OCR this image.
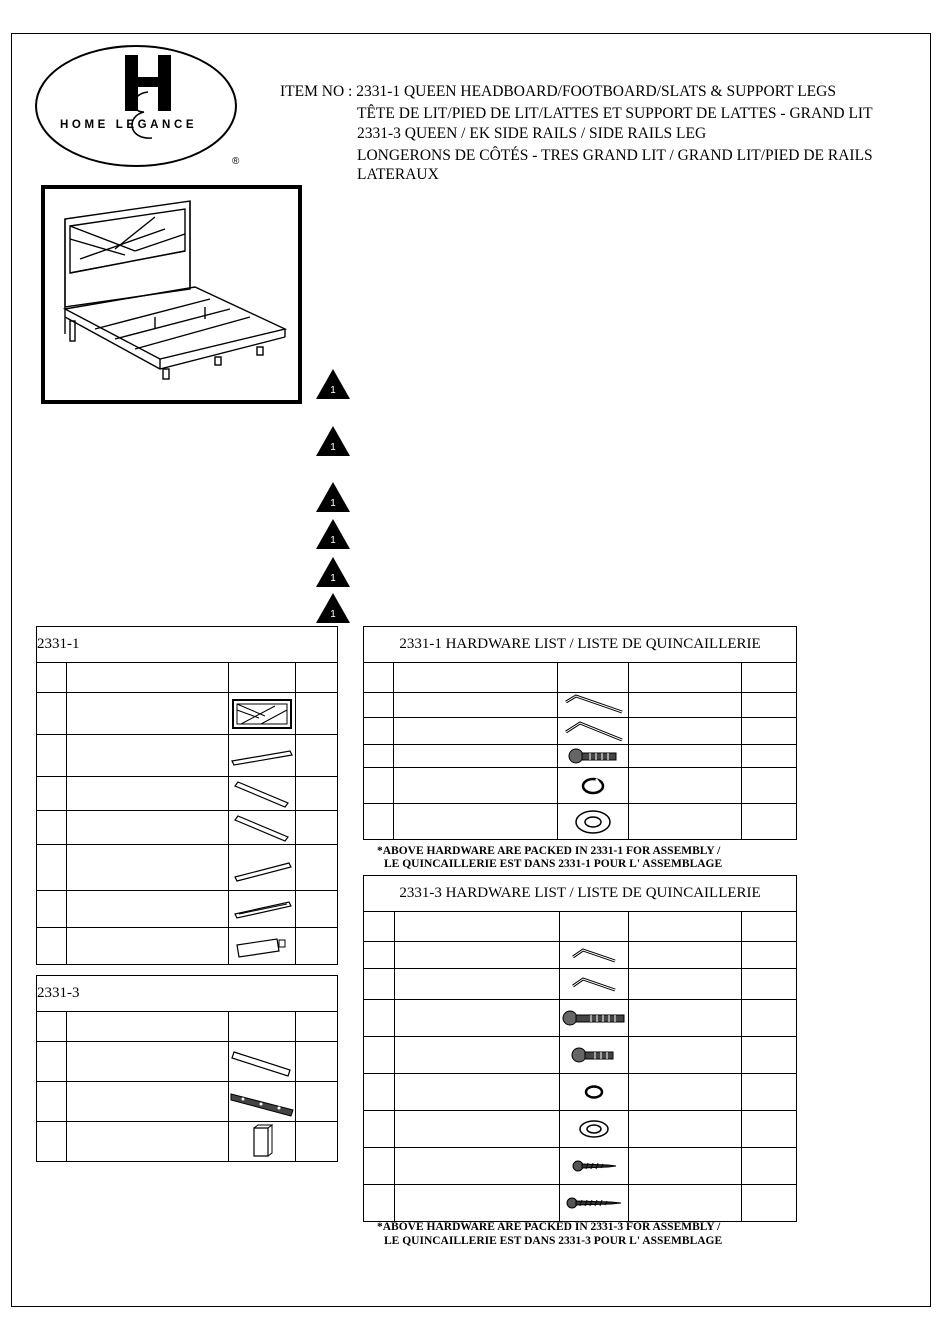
HOME LEGANCE
®
ITEM NO : 2331-1 QUEEN HEADBOARD/FOOTBOARD/SLATS & SUPPORT LEGS
TÊTE DE LIT/PIED DE LIT/LATTES ET SUPPORT DE LATTES - GRAND LIT
2331-3 QUEEN / EK SIDE RAILS / SIDE RAILS LEG
LONGERONS DE CÔTÉS - TRES GRAND LIT / GRAND LIT/PIED DE RAILS
LATERAUX
1
1
1
1
1
1
2331-1			

2331-3			

2331-1 HARDWARE LIST / LISTE DE QUINCAILLERIE				

*ABOVE HARDWARE ARE PACKED IN 2331-1 FOR ASSEMBLY /
LE QUINCAILLERIE EST DANS 2331-1 POUR L' ASSEMBLAGE
2331-3 HARDWARE LIST / LISTE DE QUINCAILLERIE				

*ABOVE HARDWARE ARE PACKED IN 2331-3 FOR ASSEMBLY /
LE QUINCAILLERIE EST DANS 2331-3 POUR L' ASSEMBLAGE
